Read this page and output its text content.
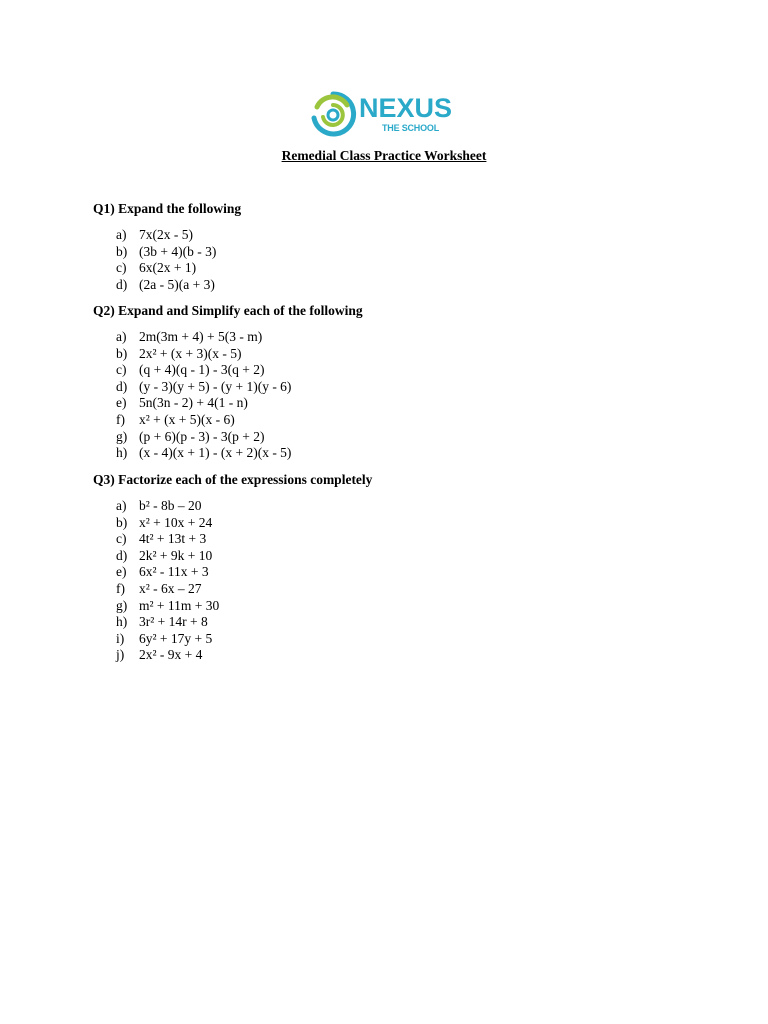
NEXUS
THE SCHOOL
Remedial Class Practice Worksheet
Q1) Expand the following
a) 7x(2x - 5)
b) (3b + 4)(b - 3)
c) 6x(2x + 1)
d) (2a - 5)(a + 3)
Q2) Expand and Simplify each of the following
a) 2m(3m + 4) + 5(3 - m)
b) 2x² + (x + 3)(x - 5)
c) (q + 4)(q - 1) - 3(q + 2)
d) (y - 3)(y + 5) - (y + 1)(y - 6)
e) 5n(3n - 2) + 4(1 - n)
f) x² + (x + 5)(x - 6)
g) (p + 6)(p - 3) - 3(p + 2)
h) (x - 4)(x + 1) - (x + 2)(x - 5)
Q3) Factorize each of the expressions completely
a) b² - 8b – 20
b) x² + 10x + 24
c) 4t² + 13t + 3
d) 2k² + 9k + 10
e) 6x² - 11x + 3
f) x² - 6x – 27
g) m² + 11m + 30
h) 3r² + 14r + 8
i) 6y² + 17y + 5
j) 2x² - 9x + 4
